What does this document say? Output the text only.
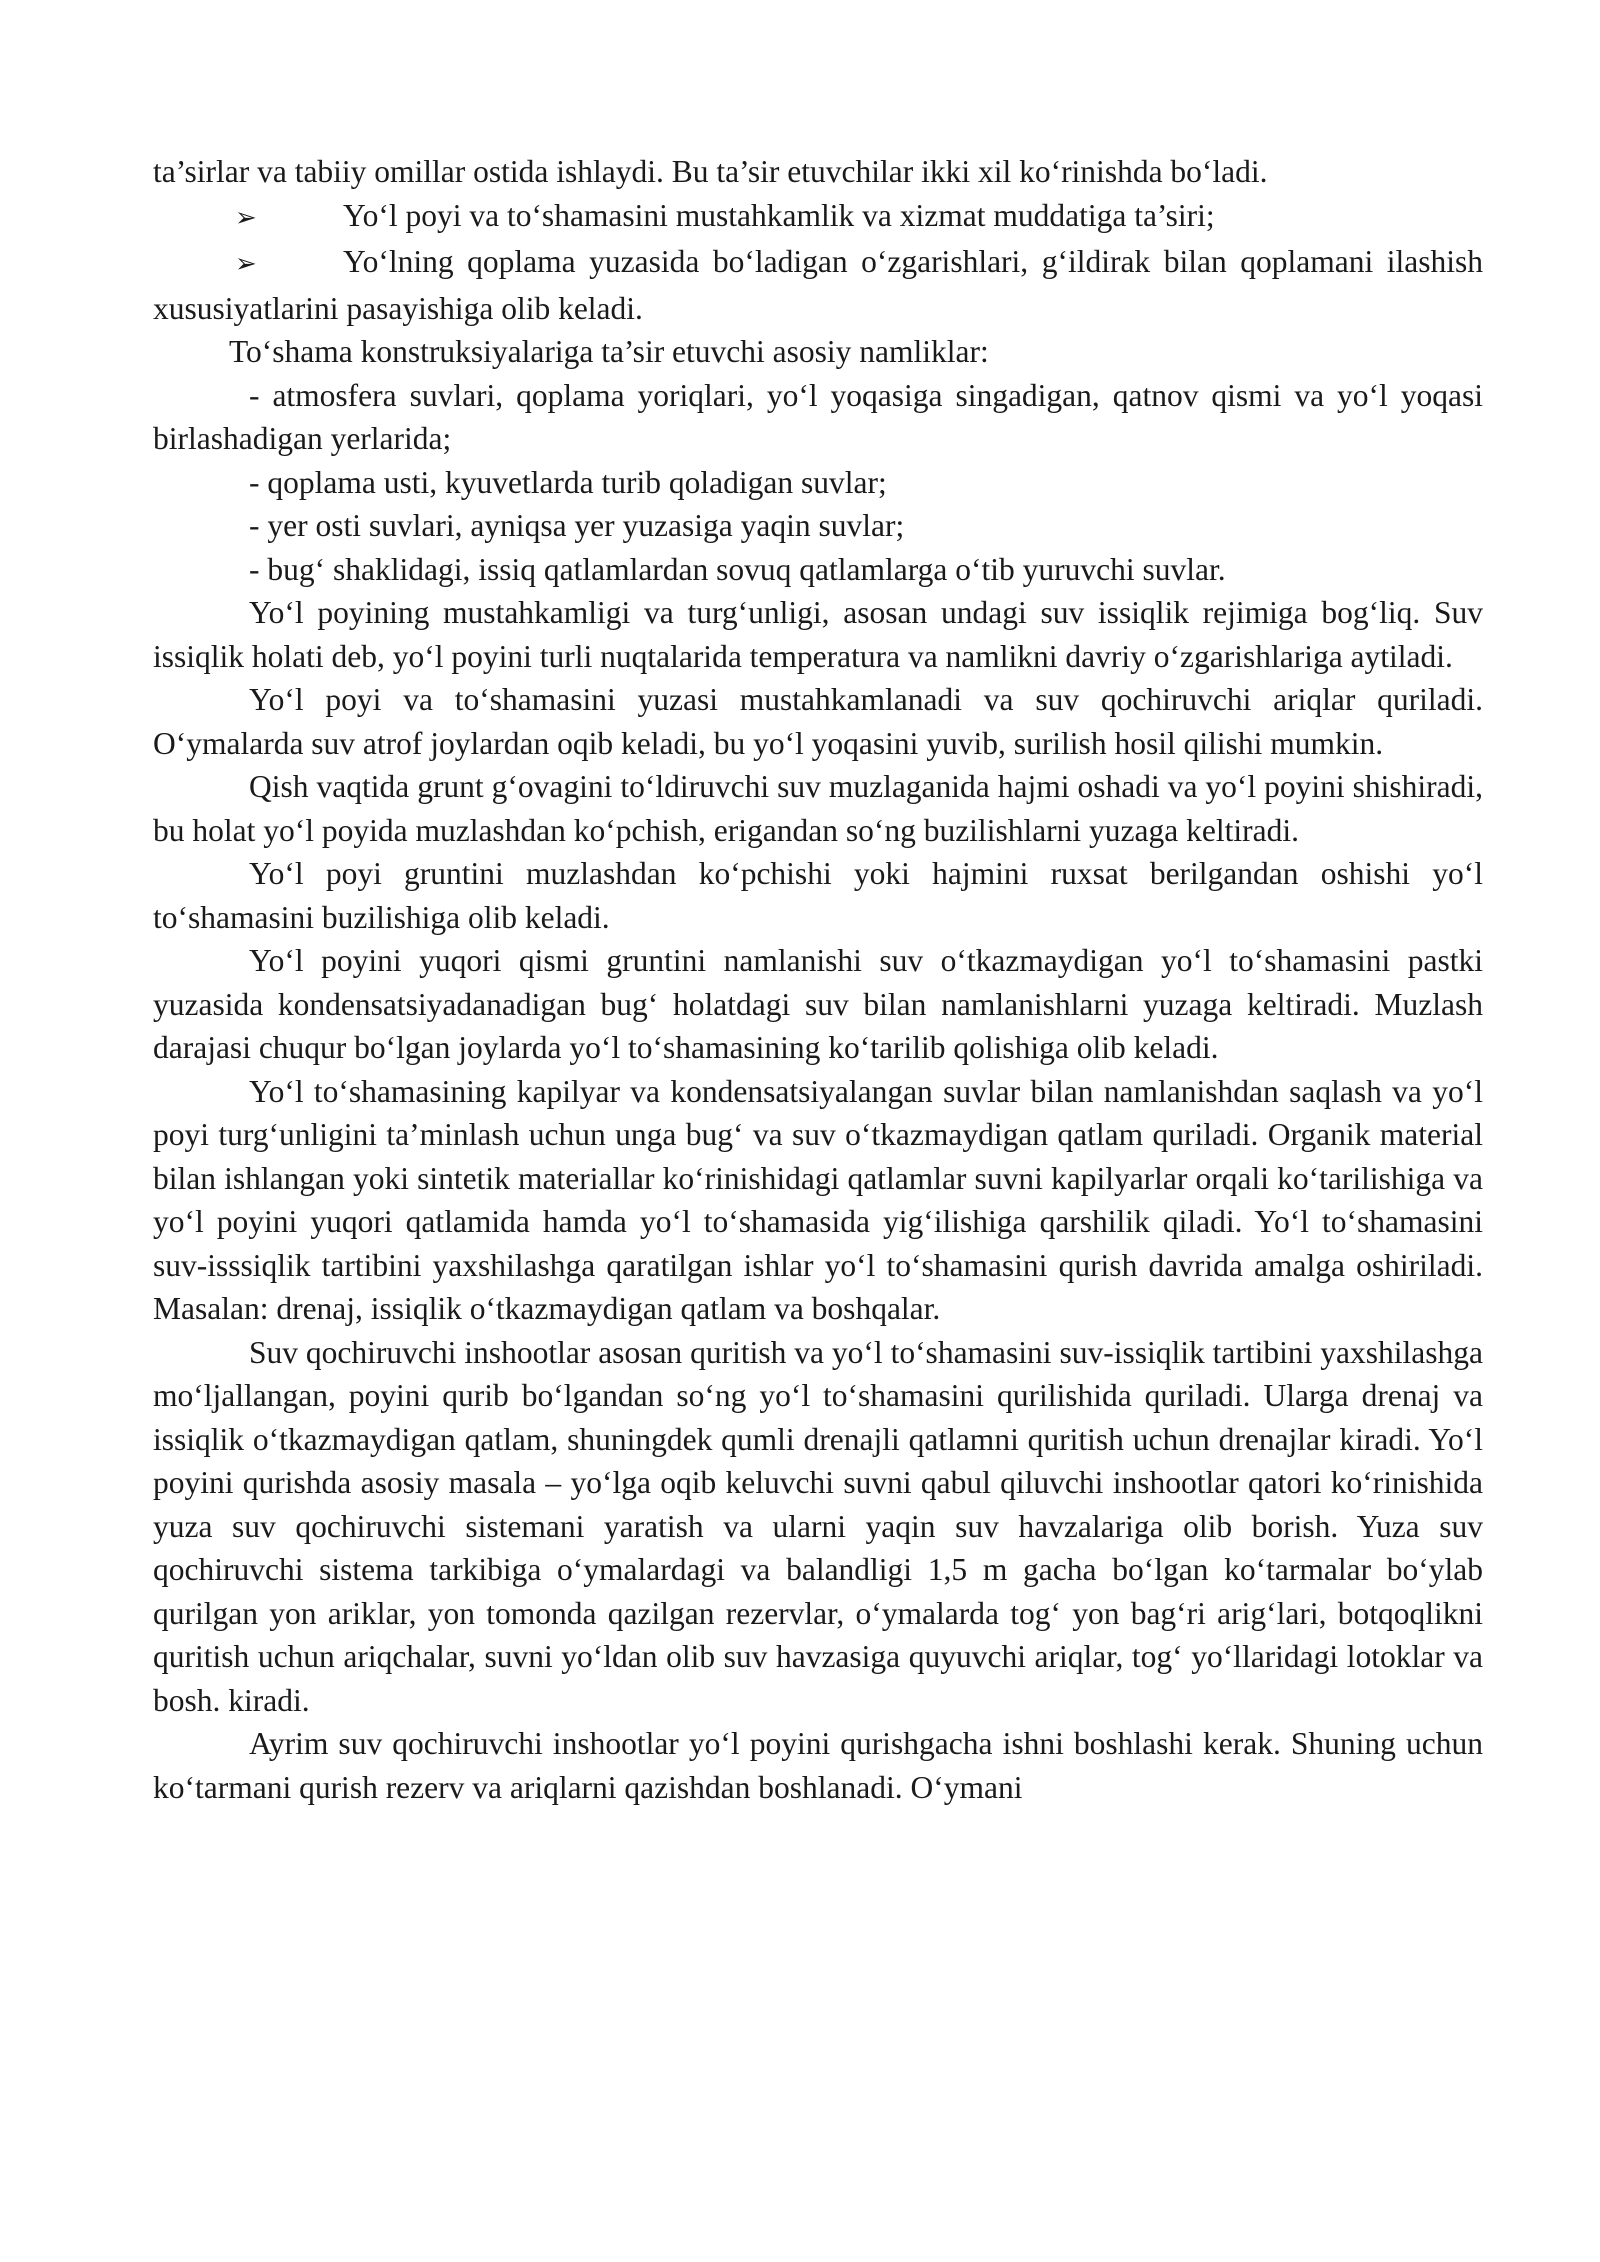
ta’sirlar va tabiiy omillar ostida ishlaydi. Bu ta’sir etuvchilar ikki xil ko‘rinishda bo‘ladi.

➢	Yo‘l poyi va to‘shamasini mustahkamlik va xizmat muddatiga ta’siri;

➢	Yo‘lning qoplama yuzasida bo‘ladigan o‘zgarishlari, g‘ildirak bilan qoplamani ilashish xususiyatlarini pasayishiga olib keladi.

To‘shama konstruksiyalariga ta’sir etuvchi asosiy namliklar:

- atmosfera suvlari, qoplama yoriqlari, yo‘l yoqasiga singadigan, qatnov qismi va yo‘l yoqasi birlashadigan yerlarida;

- qoplama usti, kyuvetlarda turib qoladigan suvlar;

- yer osti suvlari, ayniqsa yer yuzasiga yaqin suvlar;

- bug‘ shaklidagi, issiq qatlamlardan sovuq qatlamlarga o‘tib yuruvchi suvlar.

Yo‘l poyining mustahkamligi va turg‘unligi, asosan undagi suv issiqlik rejimiga bog‘liq. Suv issiqlik holati deb, yo‘l poyini turli nuqtalarida temperatura va namlikni davriy o‘zgarishlariga aytiladi.

Yo‘l poyi va to‘shamasini yuzasi mustahkamlanadi va suv qochiruvchi ariqlar quriladi. O‘ymalarda suv atrof joylardan oqib keladi, bu yo‘l yoqasini yuvib, surilish hosil qilishi mumkin.

Qish vaqtida grunt g‘ovagini to‘ldiruvchi suv muzlaganida hajmi oshadi va yo‘l poyini shishiradi, bu holat yo‘l poyida muzlashdan ko‘pchish, erigandan so‘ng buzilishlarni yuzaga keltiradi.

Yo‘l poyi gruntini muzlashdan ko‘pchishi yoki hajmini ruxsat berilgandan oshishi yo‘l to‘shamasini buzilishiga olib keladi.

Yo‘l poyini yuqori qismi gruntini namlanishi suv o‘tkazmaydigan yo‘l to‘shamasini pastki yuzasida kondensatsiyadanadigan bug‘ holatdagi suv bilan namlanishlarni yuzaga keltiradi. Muzlash darajasi chuqur bo‘lgan joylarda yo‘l to‘shamasining ko‘tarilib qolishiga olib keladi.

Yo‘l to‘shamasining kapilyar va kondensatsiyalangan suvlar bilan namlanishdan saqlash va yo‘l poyi turg‘unligini ta’minlash uchun unga bug‘ va suv o‘tkazmaydigan qatlam quriladi. Organik material bilan ishlangan yoki sintetik materiallar ko‘rinishidagi qatlamlar suvni kapilyarlar orqali ko‘tarilishiga va yo‘l poyini yuqori qatlamida hamda yo‘l to‘shamasida yig‘ilishiga qarshilik qiladi. Yo‘l to‘shamasini suv-isssiqlik tartibini yaxshilashga qaratilgan ishlar yo‘l to‘shamasini qurish davrida amalga oshiriladi. Masalan: drenaj, issiqlik o‘tkazmaydigan qatlam va boshqalar.

Suv qochiruvchi inshootlar asosan quritish va yo‘l to‘shamasini suv-issiqlik tartibini yaxshilashga mo‘ljallangan, poyini qurib bo‘lgandan so‘ng yo‘l to‘shamasini qurilishida quriladi. Ularga drenaj va issiqlik o‘tkazmaydigan qatlam, shuningdek qumli drenajli qatlamni quritish uchun drenajlar kiradi. Yo‘l poyini qurishda asosiy masala – yo‘lga oqib keluvchi suvni qabul qiluvchi inshootlar qatori ko‘rinishida yuza suv qochiruvchi sistemani yaratish va ularni yaqin suv havzalariga olib borish. Yuza suv qochiruvchi sistema tarkibiga o‘ymalardagi va balandligi 1,5 m gacha bo‘lgan ko‘tarmalar bo‘ylab qurilgan yon ariklar, yon tomonda qazilgan rezervlar, o‘ymalarda tog‘ yon bag‘ri arig‘lari, botqoqlikni quritish uchun ariqchalar, suvni yo‘ldan olib suv havzasiga quyuvchi ariqlar, tog‘ yo‘llaridagi lotoklar va bosh. kiradi.

Ayrim suv qochiruvchi inshootlar yo‘l poyini qurishgacha ishni boshlashi kerak. Shuning uchun ko‘tarmani qurish rezerv va ariqlarni qazishdan boshlanadi. O‘ymani
